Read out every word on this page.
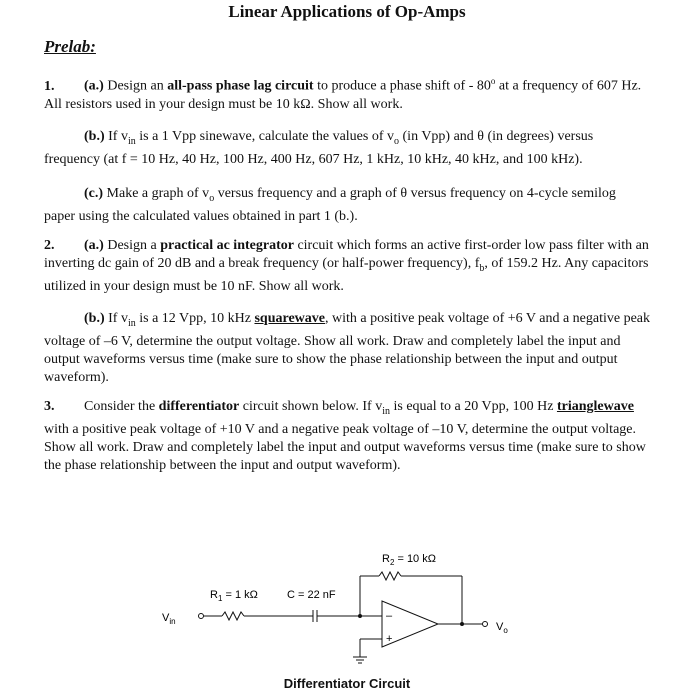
Linear Applications of Op-Amps
Prelab:
1. (a.) Design an all-pass phase lag circuit to produce a phase shift of - 80$^o$ at a frequency of 607 Hz. All resistors used in your design must be 10 kΩ. Show all work.
(b.) If $v_{in}$ is a 1 Vpp sinewave, calculate the values of $v_o$ (in Vpp) and θ (in degrees) versus frequency (at f = 10 Hz, 40 Hz, 100 Hz, 400 Hz, 607 Hz, 1 kHz, 10 kHz, 40 kHz, and 100 kHz).
(c.) Make a graph of $v_o$ versus frequency and a graph of θ versus frequency on 4-cycle semilog paper using the calculated values obtained in part 1 (b.).
2. (a.) Design a practical ac integrator circuit which forms an active first-order low pass filter with an inverting dc gain of 20 dB and a break frequency (or half-power frequency), $f_b$, of 159.2 Hz. Any capacitors utilized in your design must be 10 nF. Show all work.
(b.) If $v_{in}$ is a 12 Vpp, 10 kHz squarewave, with a positive peak voltage of +6 V and a negative peak voltage of –6 V, determine the output voltage. Show all work. Draw and completely label the input and output waveforms versus time (make sure to show the phase relationship between the input and output waveform).
3. Consider the differentiator circuit shown below. If $v_{in}$ is equal to a 20 Vpp, 100 Hz trianglewave with a positive peak voltage of +10 V and a negative peak voltage of –10 V, determine the output voltage. Show all work. Draw and completely label the input and output waveforms versus time (make sure to show the phase relationship between the input and output waveform).
$R_2 = 10$ kΩ
$R_1 = 1$ kΩ	C = 22 nF
$V_{in}$	$V_o$
–
+
Differentiator Circuit
